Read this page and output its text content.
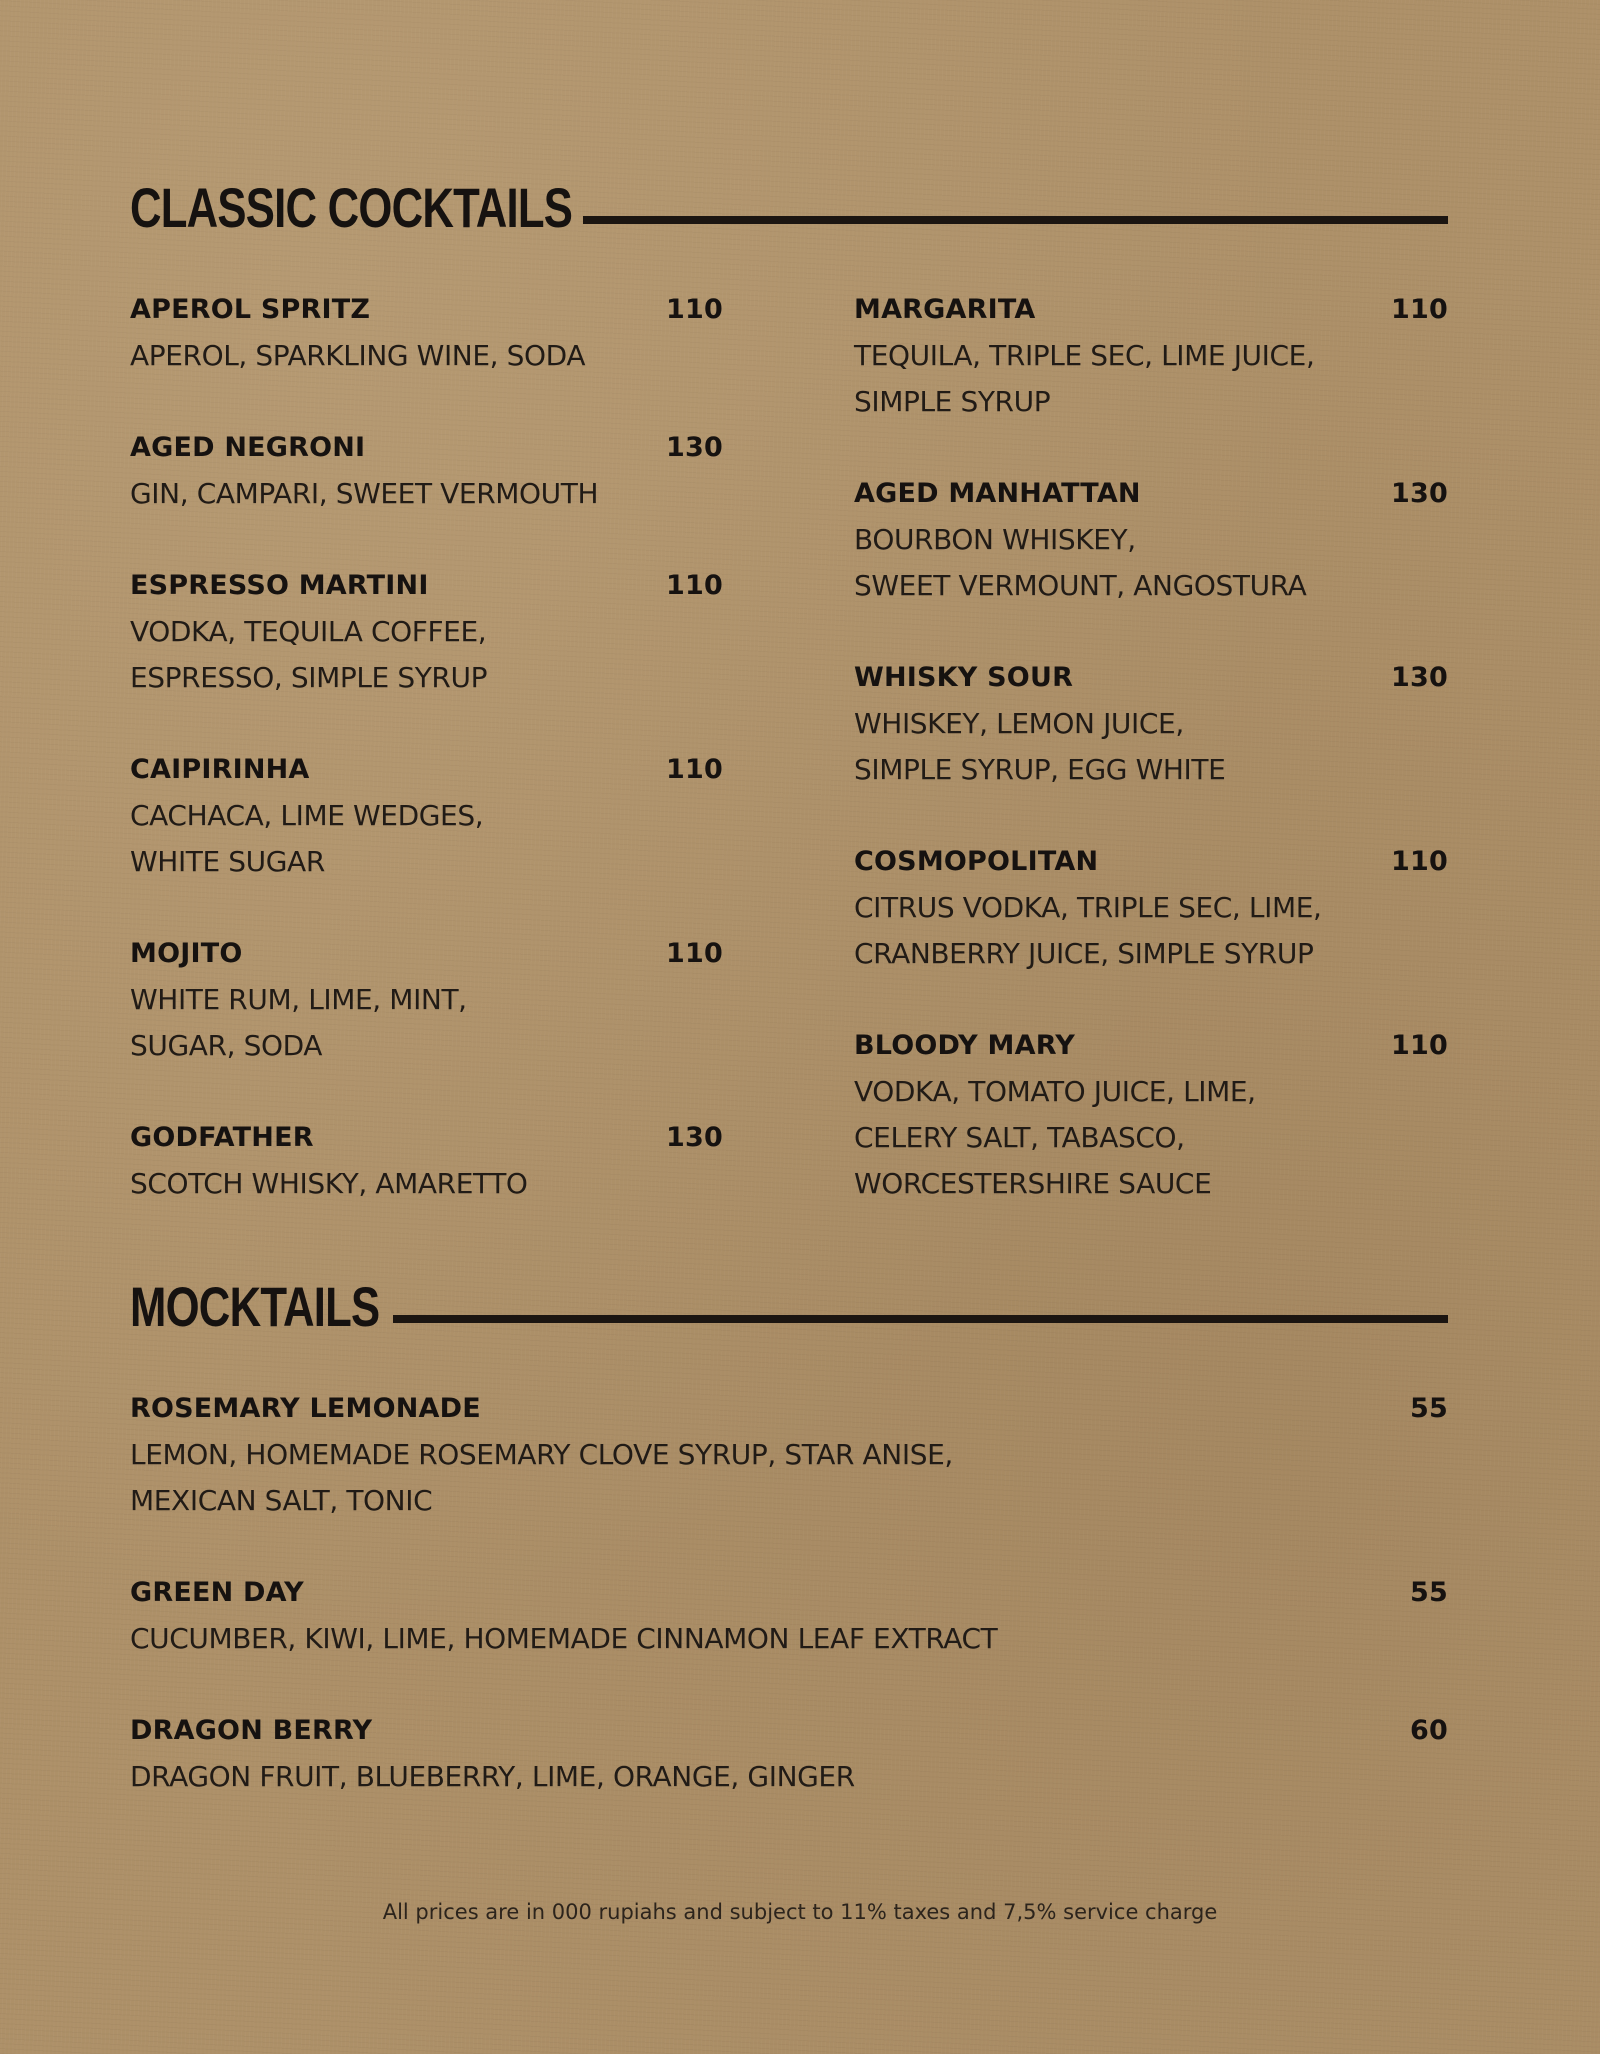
CLASSIC COCKTAILS
APEROL SPRITZ	110
APEROL, SPARKLING WINE, SODA
AGED NEGRONI	130
GIN, CAMPARI, SWEET VERMOUTH
ESPRESSO MARTINI	110
VODKA, TEQUILA COFFEE,
ESPRESSO, SIMPLE SYRUP
CAIPIRINHA	110
CACHACA, LIME WEDGES,
WHITE SUGAR
MOJITO	110
WHITE RUM, LIME, MINT,
SUGAR, SODA
GODFATHER	130
SCOTCH WHISKY, AMARETTO
MARGARITA	110
TEQUILA, TRIPLE SEC, LIME JUICE,
SIMPLE SYRUP
AGED MANHATTAN	130
BOURBON WHISKEY,
SWEET VERMOUNT, ANGOSTURA
WHISKY SOUR	130
WHISKEY, LEMON JUICE,
SIMPLE SYRUP, EGG WHITE
COSMOPOLITAN	110
CITRUS VODKA, TRIPLE SEC, LIME,
CRANBERRY JUICE, SIMPLE SYRUP
BLOODY MARY	110
VODKA, TOMATO JUICE, LIME,
CELERY SALT, TABASCO,
WORCESTERSHIRE SAUCE
MOCKTAILS
ROSEMARY LEMONADE	55
LEMON, HOMEMADE ROSEMARY CLOVE SYRUP, STAR ANISE,
MEXICAN SALT, TONIC
GREEN DAY	55
CUCUMBER, KIWI, LIME, HOMEMADE CINNAMON LEAF EXTRACT
DRAGON BERRY	60
DRAGON FRUIT, BLUEBERRY, LIME, ORANGE, GINGER
All prices are in 000 rupiahs and subject to 11% taxes and 7,5% service charge
